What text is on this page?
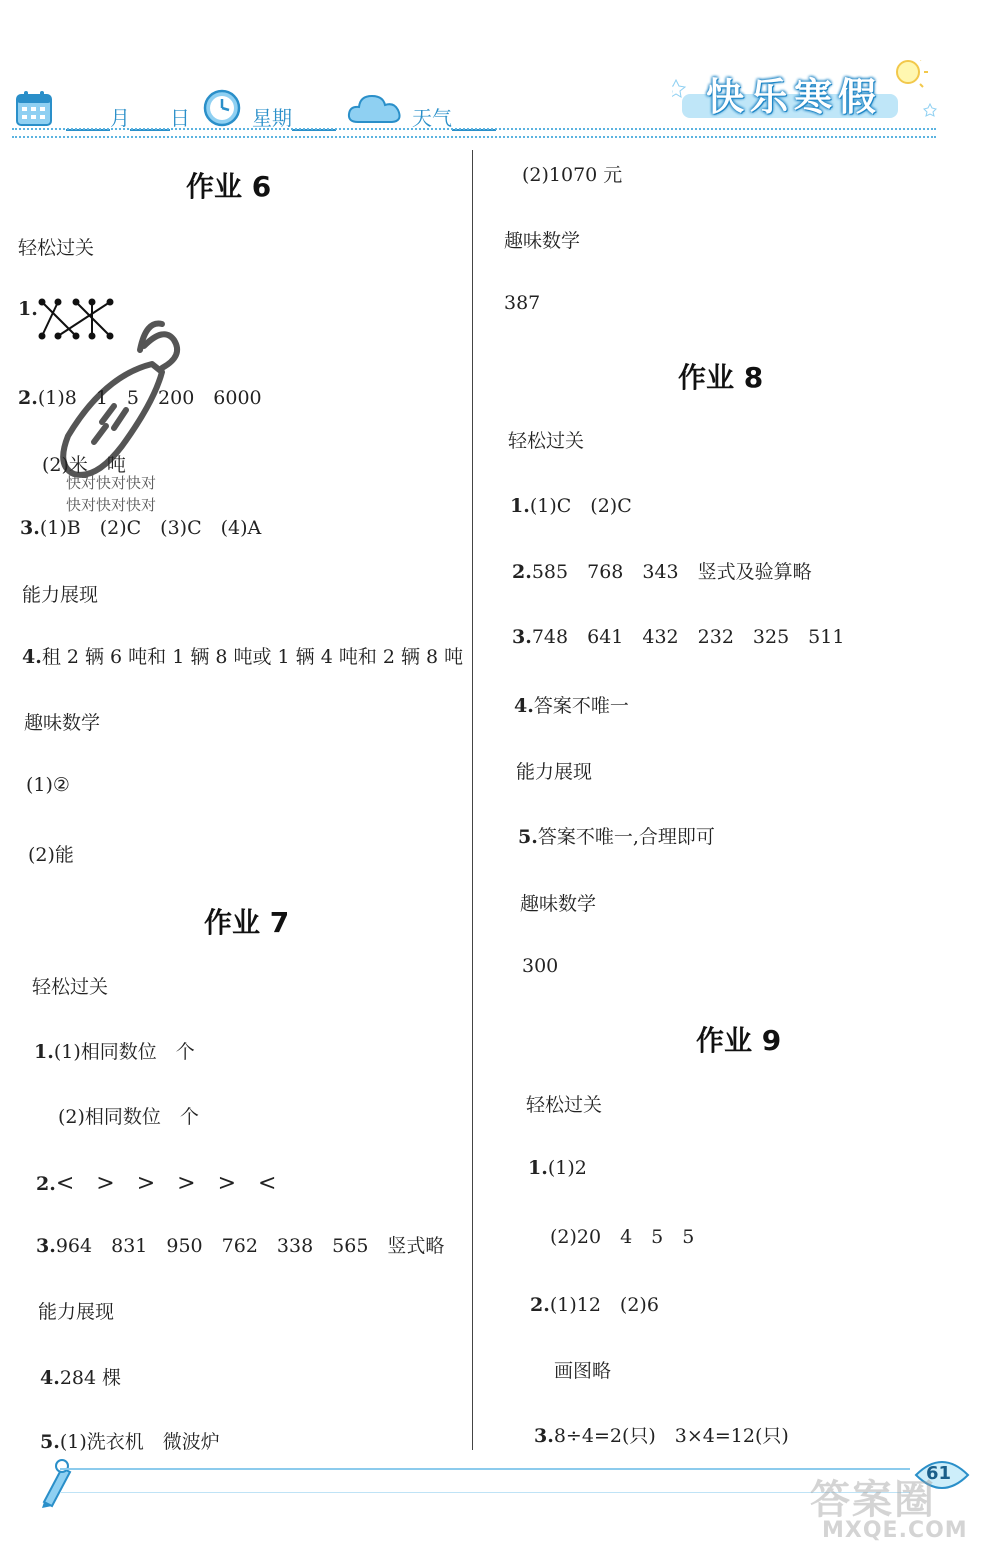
月 日	星期	天气	快乐寒假
作业 6
轻松过关
1.
2.(1)8　1　5　200　6000
(2)米　吨
快对快对快对
快对快对快对
3.(1)B　(2)C　(3)C　(4)A
能力展现
4.租 2 辆 6 吨和 1 辆 8 吨或 1 辆 4 吨和 2 辆 8 吨
趣味数学
(1)②
(2)能
作业 7
轻松过关
1.(1)相同数位　个
(2)相同数位　个
2.<　>　>　>　>　<
3.964　831　950　762　338　565　竖式略
能力展现
4.284 棵
5.(1)洗衣机　微波炉
(2)1070 元
趣味数学
387
作业 8
轻松过关
1.(1)C　(2)C
2.585　768　343　竖式及验算略
3.748　641　432　232　325　511
4.答案不唯一
能力展现
5.答案不唯一,合理即可
趣味数学
300
作业 9
轻松过关
1.(1)2
(2)20　4　5　5
2.(1)12　(2)6
画图略
3.8÷4=2(只)　3×4=12(只)
61
答案圈
MXQE.COM
